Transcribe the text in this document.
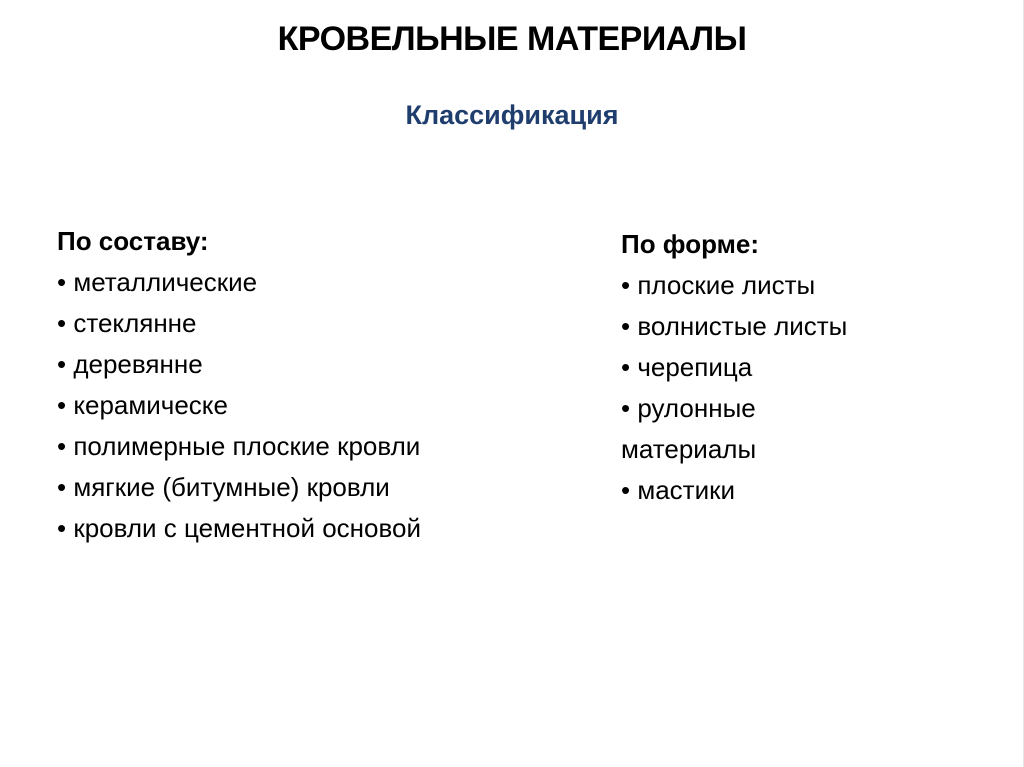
КРОВЕЛЬНЫЕ МАТЕРИАЛЫ
Классификация
По составу:
• металлические
• стеклянне
• деревянне
• керамическе
• полимерные плоские кровли
• мягкие (битумные) кровли
• кровли с цементной основой
По форме:
• плоские листы
• волнистые листы
• черепица
• рулонные
материалы
• мастики
